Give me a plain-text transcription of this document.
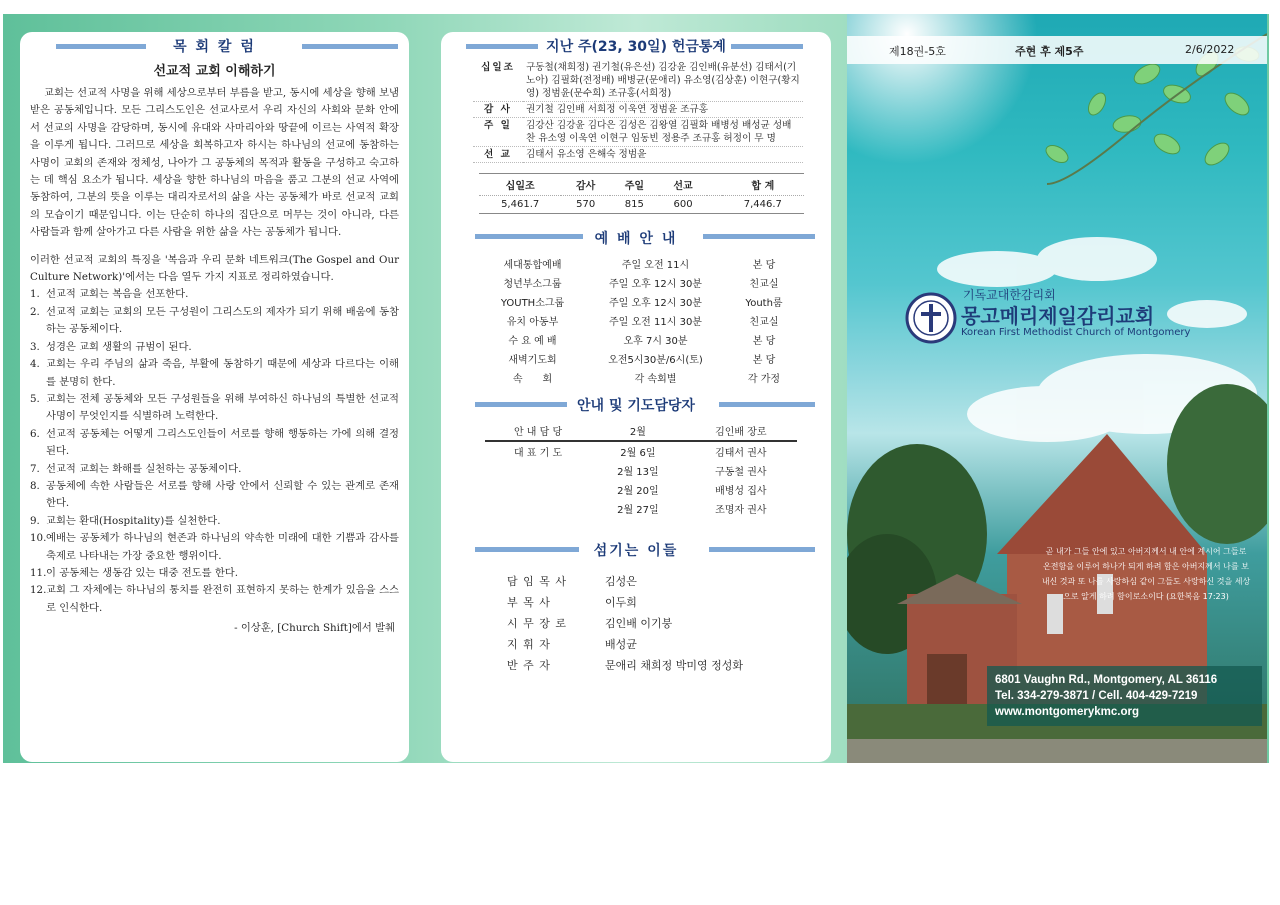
목 회 칼 럼
선교적 교회 이해하기

교회는 선교적 사명을 위해 세상으로부터 부름을 받고, 동시에 세상을 향해 보냄 받은 공동체입니다. 모든 그리스도인은 선교사로서 우리 자신의 사회와 문화 안에서 선교의 사명을 감당하며, 동시에 유대와 사마리아와 땅끝에 이르는 사역적 확장을 이루게 됩니다. 그러므로 세상을 회복하고자 하시는 하나님의 선교에 동참하는 사명이 교회의 존재와 정체성, 나아가 그 공동체의 목적과 활동을 구성하고 숙고하는 데 핵심 요소가 됩니다. 세상을 향한 하나님의 마음을 품고 그분의 선교 사역에 동참하여, 그분의 뜻을 이루는 대리자로서의 삶을 사는 공동체가 바로 선교적 교회의 모습이기 때문입니다. 이는 단순히 하나의 집단으로 머무는 것이 아니라, 다른 사람들과 함께 살아가고 다른 사람을 위한 삶을 사는 공동체가 됩니다.

이러한 선교적 교회의 특징을 '복음과 우리 문화 네트워크(The Gospel and Our Culture Network)'에서는 다음 열두 가지 지표로 정리하였습니다.

1. 선교적 교회는 복음을 선포한다.
2. 선교적 교회는 교회의 모든 구성원이 그리스도의 제자가 되기 위해 배움에 동참하는 공동체이다.
3. 성경은 교회 생활의 규범이 된다.
4. 교회는 우리 주님의 삶과 죽음, 부활에 동참하기 때문에 세상과 다르다는 이해를 분명히 한다.
5. 교회는 전체 공동체와 모든 구성원들을 위해 부여하신 하나님의 특별한 선교적 사명이 무엇인지를 식별하려 노력한다.
6. 선교적 공동체는 어떻게 그리스도인들이 서로를 향해 행동하는 가에 의해 결정된다.
7. 선교적 교회는 화해를 실천하는 공동체이다.
8. 공동체에 속한 사람들은 서로를 향해 사랑 안에서 신뢰할 수 있는 관계로 존재한다.
9. 교회는 환대(Hospitality)를 실천한다.
10. 예배는 공동체가 하나님의 현존과 하나님의 약속한 미래에 대한 기쁨과 감사를 축제로 나타내는 가장 중요한 행위이다.
11. 이 공동체는 생동감 있는 대중 전도를 한다.
12. 교회 그 자체에는 하나님의 통치를 완전히 표현하지 못하는 한계가 있음을 스스로 인식한다.
- 이상훈, [Church Shift]에서 발췌
지난 주(23, 30일) 헌금통계
십일조	구동철(채희정) 권기철(유은선) 김강윤 김인배(유분선) 김태서(기노아) 김필화(전정배) 배병균(문애리) 유소영(김상훈) 이현구(황지영) 정범윤(문수희) 조규홍(서희정)
감 사	권기철 김인배 서희정 이욱연 정범윤 조규홍
주 일	김강산 김강윤 김다은 김성은 김왕열 김필화 배병성 배성균 성배찬 유소영 이욱연 이현구 임동빈 정용주 조규홍 허정이 무 명
선 교	김태서 유소영 은해숙 정범윤
십일조	감사	주일	선교		합 계
5,461.7	570	815	600		7,446.7
예 배 안 내
세대통합예배	주일 오전 11시	본 당
청년부소그룹	주일 오후 12시 30분	친교실
YOUTH소그룹	주일 오후 12시 30분	Youth룸
유치 아동부	주일 오전 11시 30분	친교실
수 요 예 배	오후 7시 30분	본 당
새벽기도회	오전5시30분/6시(토)	본 당
속　　회	각 속회별	각 가정
안내 및 기도담당자
안 내 담 당	2월	김인배 장로
대 표 기 도	2월 6일	김태서 권사
	2월 13일	구동철 권사
	2월 20일	배병성 집사
	2월 27일	조명자 권사
섬기는 이들
담 임 목 사	김성은
부 목 사	이두희
시 무 장 로	김인배 이기붕
지 휘 자	배성균
반 주 자	문애리 채희정 박미영 정성화
제18권-5호	주현 후 제5주	2/6/2022
기독교대한감리회
몽고메리제일감리교회
Korean First Methodist Church of Montgomery
곧 내가 그들 안에 있고 아버지께서 내 안에 계시어 그들로 온전함을 이루어 하나가 되게 하려 함은 아버지께서 나를 보내신 것과 또 나를 사랑하심 같이 그들도 사랑하신 것을 세상으로 알게 하려 함이로소이다 (요한복음 17:23)
6801 Vaughn Rd., Montgomery, AL 36116
Tel. 334-279-3871 / Cell. 404-429-7219
www.montgomerykmc.org
